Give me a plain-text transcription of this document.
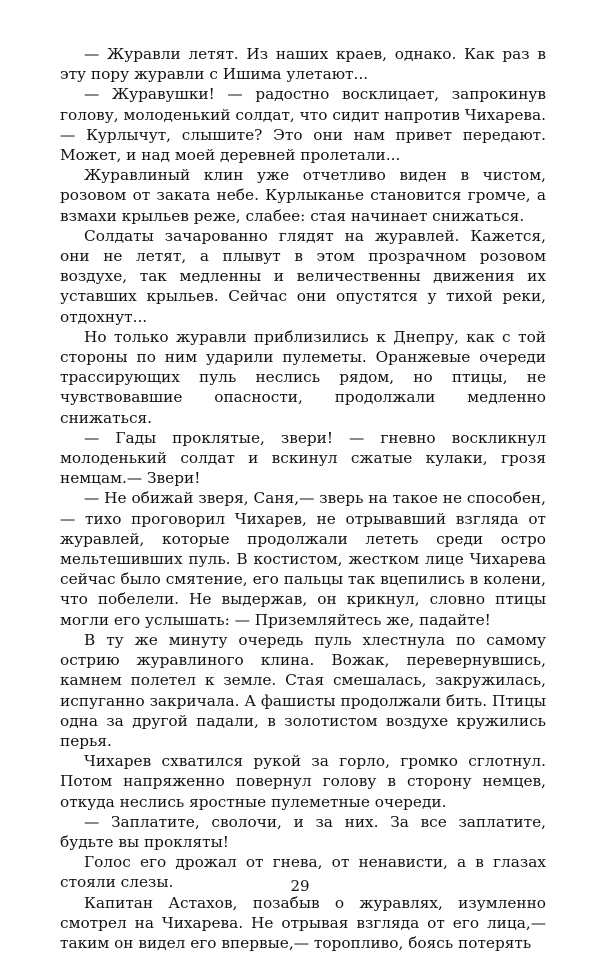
— Журавли летят. Из наших краев, однако. Как раз в эту пору журавли с Ишима улетают...

— Журавушки! — радостно восклицает, запрокинув голову, молоденький солдат, что сидит напротив Чихарева.— Курлычут, слышите? Это они нам привет передают. Может, и над моей деревней пролетали...

Журавлиный клин уже отчетливо виден в чистом, розовом от заката небе. Курлыканье становится громче, а взмахи крыльев реже, слабее: стая начинает снижаться.

Солдаты зачарованно глядят на журавлей. Кажется, они не летят, а плывут в этом прозрачном розовом воздухе, так медленны и величественны движения их уставших крыльев. Сейчас они опустятся у тихой реки, отдохнут...

Но только журавли приблизились к Днепру, как с той стороны по ним ударили пулеметы. Оранжевые очереди трассирующих пуль неслись рядом, но птицы, не чувствовавшие опасности, продолжали медленно снижаться.

— Гады проклятые, звери! — гневно воскликнул молоденький солдат и вскинул сжатые кулаки, грозя немцам.— Звери!

— Не обижай зверя, Саня,— зверь на такое не способен,— тихо проговорил Чихарев, не отрывавший взгляда от журавлей, которые продолжали лететь среди остро мельтешивших пуль. В костистом, жестком лице Чихарева сейчас было смятение, его пальцы так вцепились в колени, что побелели. Не выдержав, он крикнул, словно птицы могли его услышать: — Приземляйтесь же, падайте!

В ту же минуту очередь пуль хлестнула по самому острию журавлиного клина. Вожак, перевернувшись, камнем полетел к земле. Стая смешалась, закружилась, испуганно закричала. А фашисты продолжали бить. Птицы одна за другой падали, в золотистом воздухе кружились перья.

Чихарев схватился рукой за горло, громко сглотнул. Потом напряженно повернул голову в сторону немцев, откуда неслись яростные пулеметные очереди.

— Заплатите, сволочи, и за них. За все заплатите, будьте вы прокляты!

Голос его дрожал от гнева, от ненависти, а в глазах стояли слезы.

Капитан Астахов, позабыв о журавлях, изумленно смотрел на Чихарева. Не отрывая взгляда от его лица,— таким он видел его впервые,— торопливо, боясь потерять

29
